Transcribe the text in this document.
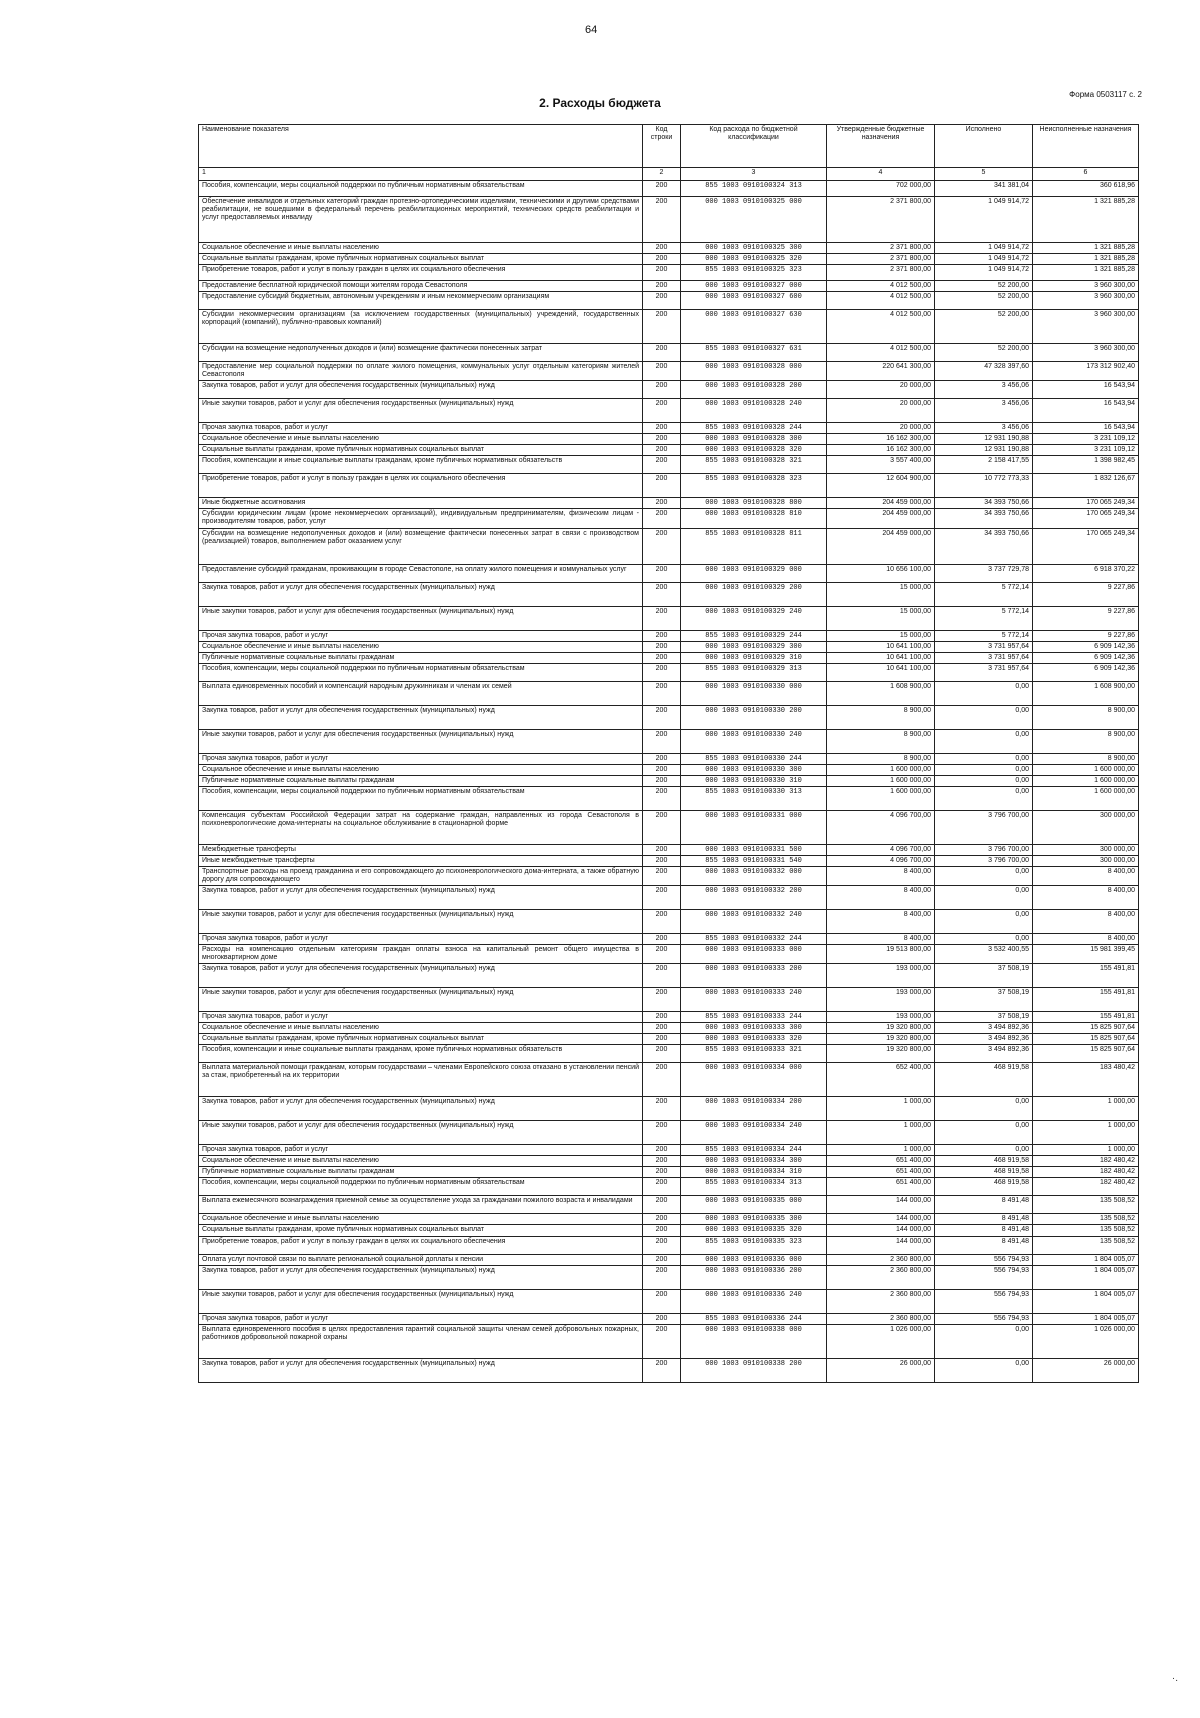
64
Форма 0503117 с. 2
2. Расходы бюджета
Наименование показателя	Код строки	Код расхода по бюджетной классификации	Утвержденные бюджетные назначения	Исполнено	Неисполненные назначения
1	2	3	4	5	6
Пособия, компенсации, меры социальной поддержки по публичным нормативным обязательствам	200	855 1003 0910100324 313	702 000,00	341 381,04	360 618,96
Обеспечение инвалидов и отдельных категорий граждан протезно-ортопедическими изделиями, техническими и другими средствами реабилитации, не вошедшими в федеральный перечень реабилитационных мероприятий, технических средств реабилитации и услуг предоставляемых инвалиду	200	000 1003 0910100325 000	2 371 800,00	1 049 914,72	1 321 885,28
Социальное обеспечение и иные выплаты населению	200	000 1003 0910100325 300	2 371 800,00	1 049 914,72	1 321 885,28
Социальные выплаты гражданам, кроме публичных нормативных социальных выплат	200	000 1003 0910100325 320	2 371 800,00	1 049 914,72	1 321 885,28
Приобретение товаров, работ и услуг в пользу граждан в целях их социального обеспечения	200	855 1003 0910100325 323	2 371 800,00	1 049 914,72	1 321 885,28
Предоставление бесплатной юридической помощи жителям города Севастополя	200	000 1003 0910100327 000	4 012 500,00	52 200,00	3 960 300,00
Предоставление субсидий бюджетным, автономным учреждениям и иным некоммерческим организациям	200	000 1003 0910100327 600	4 012 500,00	52 200,00	3 960 300,00
Субсидии некоммерческим организациям (за исключением государственных (муниципальных) учреждений, государственных корпораций (компаний), публично-правовых компаний)	200	000 1003 0910100327 630	4 012 500,00	52 200,00	3 960 300,00
Субсидии на возмещение недополученных доходов и (или) возмещение фактически понесенных затрат	200	855 1003 0910100327 631	4 012 500,00	52 200,00	3 960 300,00
Предоставление мер социальной поддержки по оплате жилого помещения, коммунальных услуг отдельным категориям жителей Севастополя	200	000 1003 0910100328 000	220 641 300,00	47 328 397,60	173 312 902,40
Закупка товаров, работ и услуг для обеспечения государственных (муниципальных) нужд	200	000 1003 0910100328 200	20 000,00	3 456,06	16 543,94
Иные закупки товаров, работ и услуг для обеспечения государственных (муниципальных) нужд	200	000 1003 0910100328 240	20 000,00	3 456,06	16 543,94
Прочая закупка товаров, работ и услуг	200	855 1003 0910100328 244	20 000,00	3 456,06	16 543,94
Социальное обеспечение и иные выплаты населению	200	000 1003 0910100328 300	16 162 300,00	12 931 190,88	3 231 109,12
Социальные выплаты гражданам, кроме публичных нормативных социальных выплат	200	000 1003 0910100328 320	16 162 300,00	12 931 190,88	3 231 109,12
Пособия, компенсации и иные социальные выплаты гражданам, кроме публичных нормативных обязательств	200	855 1003 0910100328 321	3 557 400,00	2 158 417,55	1 398 982,45
Приобретение товаров, работ и услуг в пользу граждан в целях их социального обеспечения	200	855 1003 0910100328 323	12 604 900,00	10 772 773,33	1 832 126,67
Иные бюджетные ассигнования	200	000 1003 0910100328 800	204 459 000,00	34 393 750,66	170 065 249,34
Субсидии юридическим лицам (кроме некоммерческих организаций), индивидуальным предпринимателям, физическим лицам - производителям товаров, работ, услуг	200	000 1003 0910100328 810	204 459 000,00	34 393 750,66	170 065 249,34
Субсидии на возмещение недополученных доходов и (или) возмещение фактически понесенных затрат в связи с производством (реализацией) товаров, выполнением работ оказанием услуг	200	855 1003 0910100328 811	204 459 000,00	34 393 750,66	170 065 249,34
Предоставление субсидий гражданам, проживающим в городе Севастополе, на оплату жилого помещения и коммунальных услуг	200	000 1003 0910100329 000	10 656 100,00	3 737 729,78	6 918 370,22
Закупка товаров, работ и услуг для обеспечения государственных (муниципальных) нужд	200	000 1003 0910100329 200	15 000,00	5 772,14	9 227,86
Иные закупки товаров, работ и услуг для обеспечения государственных (муниципальных) нужд	200	000 1003 0910100329 240	15 000,00	5 772,14	9 227,86
Прочая закупка товаров, работ и услуг	200	855 1003 0910100329 244	15 000,00	5 772,14	9 227,86
Социальное обеспечение и иные выплаты населению	200	000 1003 0910100329 300	10 641 100,00	3 731 957,64	6 909 142,36
Публичные нормативные социальные выплаты гражданам	200	000 1003 0910100329 310	10 641 100,00	3 731 957,64	6 909 142,36
Пособия, компенсации, меры социальной поддержки по публичным нормативным обязательствам	200	855 1003 0910100329 313	10 641 100,00	3 731 957,64	6 909 142,36
Выплата единовременных пособий и компенсаций народным дружинникам и членам их семей	200	000 1003 0910100330 000	1 608 900,00	0,00	1 608 900,00
Закупка товаров, работ и услуг для обеспечения государственных (муниципальных) нужд	200	000 1003 0910100330 200	8 900,00	0,00	8 900,00
Иные закупки товаров, работ и услуг для обеспечения государственных (муниципальных) нужд	200	000 1003 0910100330 240	8 900,00	0,00	8 900,00
Прочая закупка товаров, работ и услуг	200	855 1003 0910100330 244	8 900,00	0,00	8 900,00
Социальное обеспечение и иные выплаты населению	200	000 1003 0910100330 300	1 600 000,00	0,00	1 600 000,00
Публичные нормативные социальные выплаты гражданам	200	000 1003 0910100330 310	1 600 000,00	0,00	1 600 000,00
Пособия, компенсации, меры социальной поддержки по публичным нормативным обязательствам	200	855 1003 0910100330 313	1 600 000,00	0,00	1 600 000,00
Компенсация субъектам Российской Федерации затрат на содержание граждан, направленных из города Севастополя в психоневрологические дома-интернаты на социальное обслуживание в стационарной форме	200	000 1003 0910100331 000	4 096 700,00	3 796 700,00	300 000,00
Межбюджетные трансферты	200	000 1003 0910100331 500	4 096 700,00	3 796 700,00	300 000,00
Иные межбюджетные трансферты	200	855 1003 0910100331 540	4 096 700,00	3 796 700,00	300 000,00
Транспортные расходы на проезд гражданина и его сопровождающего до психоневрологического дома-интерната, а также обратную дорогу для сопровождающего	200	000 1003 0910100332 000	8 400,00	0,00	8 400,00
Закупка товаров, работ и услуг для обеспечения государственных (муниципальных) нужд	200	000 1003 0910100332 200	8 400,00	0,00	8 400,00
Иные закупки товаров, работ и услуг для обеспечения государственных (муниципальных) нужд	200	000 1003 0910100332 240	8 400,00	0,00	8 400,00
Прочая закупка товаров, работ и услуг	200	855 1003 0910100332 244	8 400,00	0,00	8 400,00
Расходы на компенсацию отдельным категориям граждан оплаты взноса на капитальный ремонт общего имущества в многоквартирном доме	200	000 1003 0910100333 000	19 513 800,00	3 532 400,55	15 981 399,45
Закупка товаров, работ и услуг для обеспечения государственных (муниципальных) нужд	200	000 1003 0910100333 200	193 000,00	37 508,19	155 491,81
Иные закупки товаров, работ и услуг для обеспечения государственных (муниципальных) нужд	200	000 1003 0910100333 240	193 000,00	37 508,19	155 491,81
Прочая закупка товаров, работ и услуг	200	855 1003 0910100333 244	193 000,00	37 508,19	155 491,81
Социальное обеспечение и иные выплаты населению	200	000 1003 0910100333 300	19 320 800,00	3 494 892,36	15 825 907,64
Социальные выплаты гражданам, кроме публичных нормативных социальных выплат	200	000 1003 0910100333 320	19 320 800,00	3 494 892,36	15 825 907,64
Пособия, компенсации и иные социальные выплаты гражданам, кроме публичных нормативных обязательств	200	855 1003 0910100333 321	19 320 800,00	3 494 892,36	15 825 907,64
Выплата материальной помощи гражданам, которым государствами – членами Европейского союза отказано в установлении пенсий за стаж, приобретенный на их территории	200	000 1003 0910100334 000	652 400,00	468 919,58	183 480,42
Закупка товаров, работ и услуг для обеспечения государственных (муниципальных) нужд	200	000 1003 0910100334 200	1 000,00	0,00	1 000,00
Иные закупки товаров, работ и услуг для обеспечения государственных (муниципальных) нужд	200	000 1003 0910100334 240	1 000,00	0,00	1 000,00
Прочая закупка товаров, работ и услуг	200	855 1003 0910100334 244	1 000,00	0,00	1 000,00
Социальное обеспечение и иные выплаты населению	200	000 1003 0910100334 300	651 400,00	468 919,58	182 480,42
Публичные нормативные социальные выплаты гражданам	200	000 1003 0910100334 310	651 400,00	468 919,58	182 480,42
Пособия, компенсации, меры социальной поддержки по публичным нормативным обязательствам	200	855 1003 0910100334 313	651 400,00	468 919,58	182 480,42
Выплата ежемесячного вознаграждения приемной семье за осуществление ухода за гражданами пожилого возраста и инвалидами	200	000 1003 0910100335 000	144 000,00	8 491,48	135 508,52
Социальное обеспечение и иные выплаты населению	200	000 1003 0910100335 300	144 000,00	8 491,48	135 508,52
Социальные выплаты гражданам, кроме публичных нормативных социальных выплат	200	000 1003 0910100335 320	144 000,00	8 491,48	135 508,52
Приобретение товаров, работ и услуг в пользу граждан в целях их социального обеспечения	200	855 1003 0910100335 323	144 000,00	8 491,48	135 508,52
Оплата услуг почтовой связи по выплате региональной социальной доплаты к пенсии	200	000 1003 0910100336 000	2 360 800,00	556 794,93	1 804 005,07
Закупка товаров, работ и услуг для обеспечения государственных (муниципальных) нужд	200	000 1003 0910100336 200	2 360 800,00	556 794,93	1 804 005,07
Иные закупки товаров, работ и услуг для обеспечения государственных (муниципальных) нужд	200	000 1003 0910100336 240	2 360 800,00	556 794,93	1 804 005,07
Прочая закупка товаров, работ и услуг	200	855 1003 0910100336 244	2 360 800,00	556 794,93	1 804 005,07
Выплата единовременного пособия в целях предоставления гарантий социальной защиты членам семей добровольных пожарных, работников добровольной пожарной охраны	200	000 1003 0910100338 000	1 026 000,00	0,00	1 026 000,00
Закупка товаров, работ и услуг для обеспечения государственных (муниципальных) нужд	200	000 1003 0910100338 200	26 000,00	0,00	26 000,00
·.
